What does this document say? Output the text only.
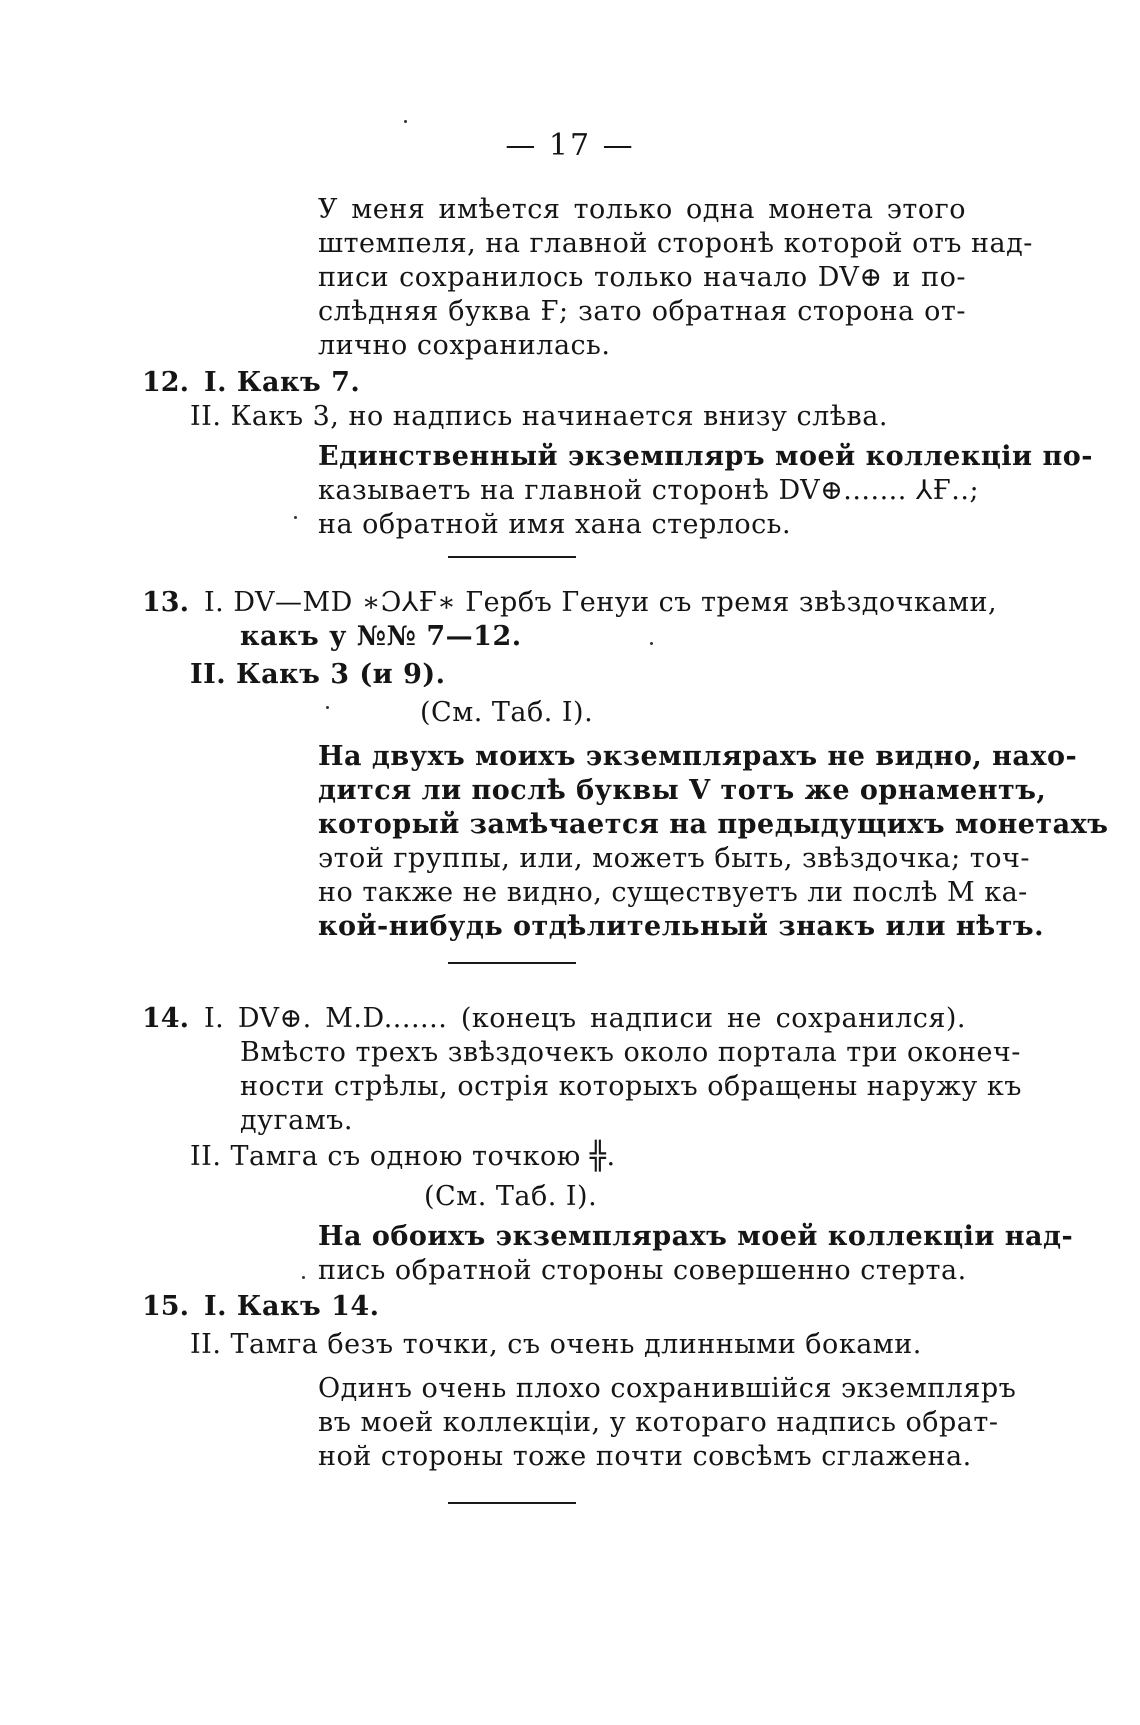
— 17 —
У меня имѣется только одна монета этого
штемпеля, на главной сторонѣ которой отъ над-
писи сохранилось только начало DV⊕ и по-
слѣдняя буква Ғ; зато обратная сторона от-
лично сохранилась.
12. I. Какъ 7.
II. Какъ 3, но надпись начинается внизу слѣва.
Единственный экземпляръ моей коллекціи по-
казываетъ на главной сторонѣ DV⊕....... ⅄Ғ..;
на обратной имя хана стерлось.
13. I. DV—MD ∗Ɔ⅄Ғ∗ Гербъ Генуи съ тремя звѣздочками,
какъ у №№ 7—12.
II. Какъ 3 (и 9).
(См. Таб. I).
На двухъ моихъ экземплярахъ не видно, нахо-
дится ли послѣ буквы V тотъ же орнаментъ,
который замѣчается на предыдущихъ монетахъ
этой группы, или, можетъ быть, звѣздочка; точ-
но также не видно, существуетъ ли послѣ М ка-
кой-нибудь отдѣлительный знакъ или нѣтъ.
14. I. DV⊕. M.D....... (конецъ надписи не сохранился).
Вмѣсто трехъ звѣздочекъ около портала три оконеч-
ности стрѣлы, острія которыхъ обращены наружу къ
дугамъ.
II. Тамга съ одною точкою ╬.
(См. Таб. I).
На обоихъ экземплярахъ моей коллекціи над-
пись обратной стороны совершенно стерта.
15. I. Какъ 14.
II. Тамга безъ точки, съ очень длинными боками.
Одинъ очень плохо сохранившійся экземпляръ
въ моей коллекціи, у котораго надпись обрат-
ной стороны тоже почти совсѣмъ сглажена.
